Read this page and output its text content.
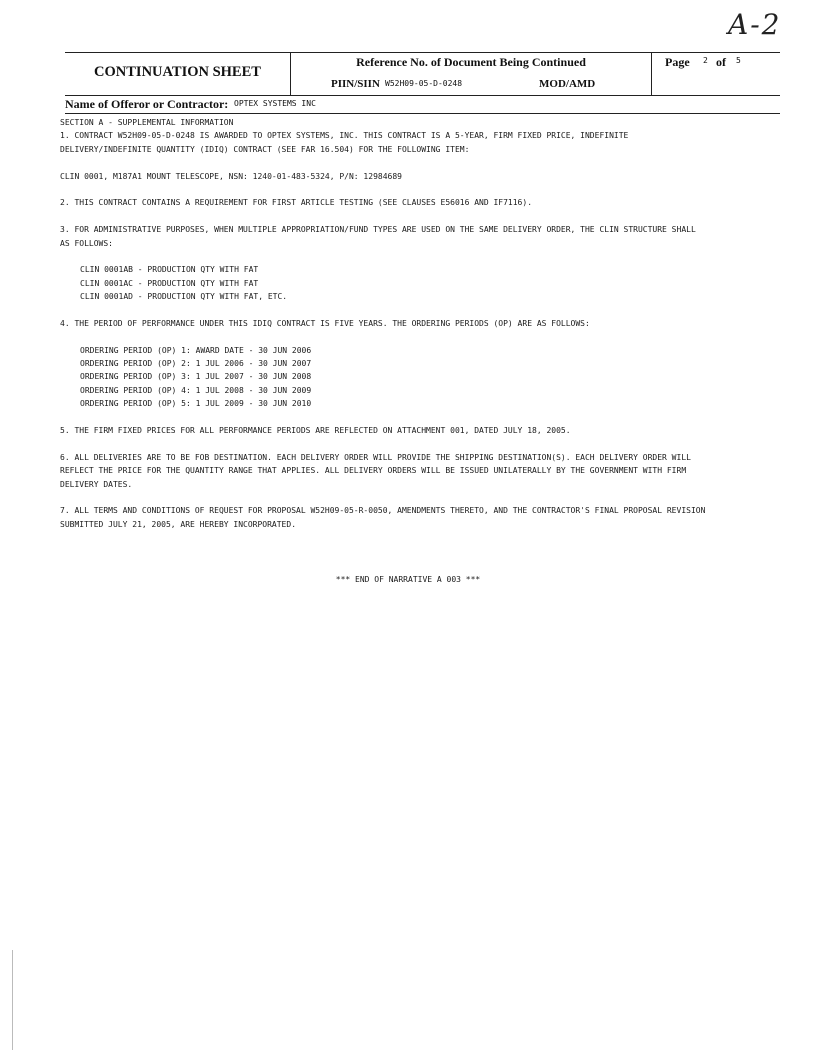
A-2
CONTINUATION SHEET
Reference No. of Document Being Continued
PIIN/SIIN W52H09-05-D-0248	MOD/AMD
Page 2 of 5
Name of Offeror or Contractor: OPTEX SYSTEMS INC
SECTION A - SUPPLEMENTAL INFORMATION
1. CONTRACT W52H09-05-D-0248 IS AWARDED TO OPTEX SYSTEMS, INC. THIS CONTRACT IS A 5-YEAR, FIRM FIXED PRICE, INDEFINITE
DELIVERY/INDEFINITE QUANTITY (IDIQ) CONTRACT (SEE FAR 16.504) FOR THE FOLLOWING ITEM:
CLIN 0001, M187A1 MOUNT TELESCOPE, NSN: 1240-01-483-5324, P/N: 12984689
2. THIS CONTRACT CONTAINS A REQUIREMENT FOR FIRST ARTICLE TESTING (SEE CLAUSES E56016 AND IF7116).
3. FOR ADMINISTRATIVE PURPOSES, WHEN MULTIPLE APPROPRIATION/FUND TYPES ARE USED ON THE SAME DELIVERY ORDER, THE CLIN STRUCTURE SHALL
AS FOLLOWS:
CLIN 0001AB - PRODUCTION QTY WITH FAT
CLIN 0001AC - PRODUCTION QTY WITH FAT
CLIN 0001AD - PRODUCTION QTY WITH FAT, ETC.
4. THE PERIOD OF PERFORMANCE UNDER THIS IDIQ CONTRACT IS FIVE YEARS. THE ORDERING PERIODS (OP) ARE AS FOLLOWS:
ORDERING PERIOD (OP) 1: AWARD DATE - 30 JUN 2006
ORDERING PERIOD (OP) 2: 1 JUL 2006 - 30 JUN 2007
ORDERING PERIOD (OP) 3: 1 JUL 2007 - 30 JUN 2008
ORDERING PERIOD (OP) 4: 1 JUL 2008 - 30 JUN 2009
ORDERING PERIOD (OP) 5: 1 JUL 2009 - 30 JUN 2010
5. THE FIRM FIXED PRICES FOR ALL PERFORMANCE PERIODS ARE REFLECTED ON ATTACHMENT 001, DATED JULY 18, 2005.
6. ALL DELIVERIES ARE TO BE FOB DESTINATION. EACH DELIVERY ORDER WILL PROVIDE THE SHIPPING DESTINATION(S). EACH DELIVERY ORDER WILL
REFLECT THE PRICE FOR THE QUANTITY RANGE THAT APPLIES. ALL DELIVERY ORDERS WILL BE ISSUED UNILATERALLY BY THE GOVERNMENT WITH FIRM
DELIVERY DATES.
7. ALL TERMS AND CONDITIONS OF REQUEST FOR PROPOSAL W52H09-05-R-0050, AMENDMENTS THERETO, AND THE CONTRACTOR'S FINAL PROPOSAL REVISION
SUBMITTED JULY 21, 2005, ARE HEREBY INCORPORATED.
*** END OF NARRATIVE A 003 ***
